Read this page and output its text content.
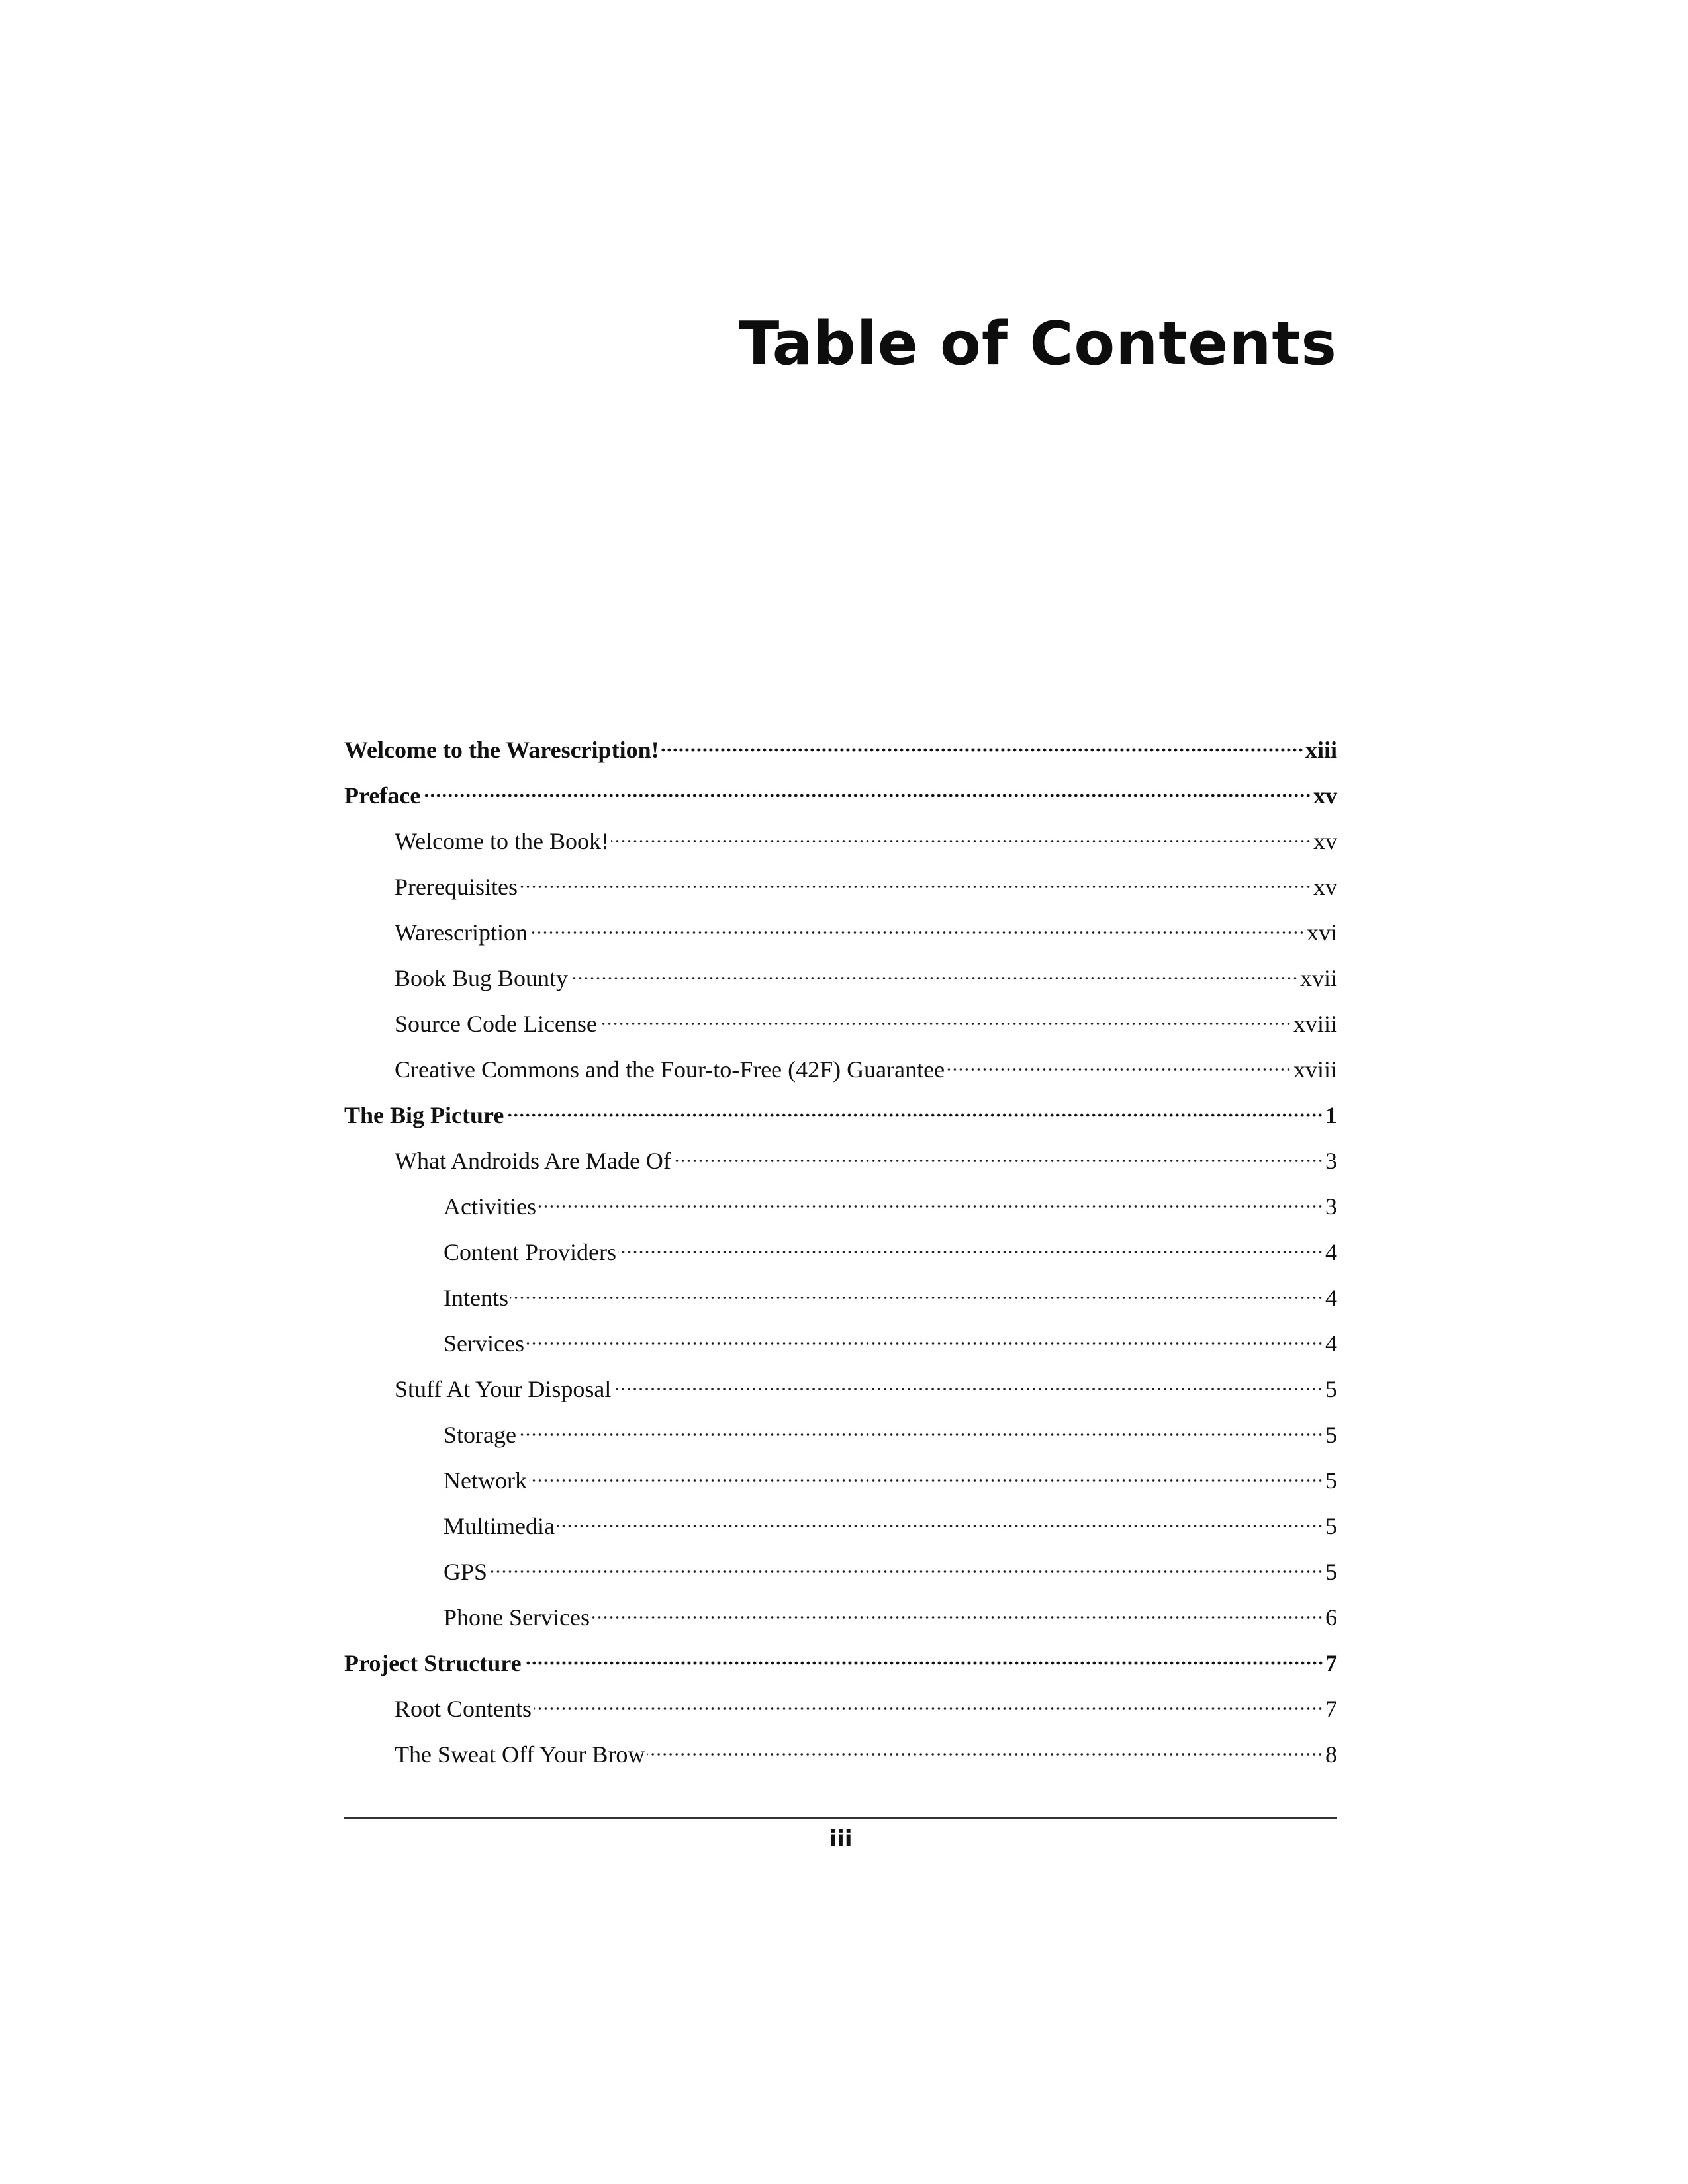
Table of Contents
Welcome to the Warescription!	xiii
Preface	xv
Welcome to the Book!	xv
Prerequisites	xv
Warescription	xvi
Book Bug Bounty	xvii
Source Code License	xviii
Creative Commons and the Four-to-Free (42F) Guarantee	xviii
The Big Picture	1
What Androids Are Made Of	3
Activities	3
Content Providers	4
Intents	4
Services	4
Stuff At Your Disposal	5
Storage	5
Network	5
Multimedia	5
GPS	5
Phone Services	6
Project Structure	7
Root Contents	7
The Sweat Off Your Brow	8
iii
